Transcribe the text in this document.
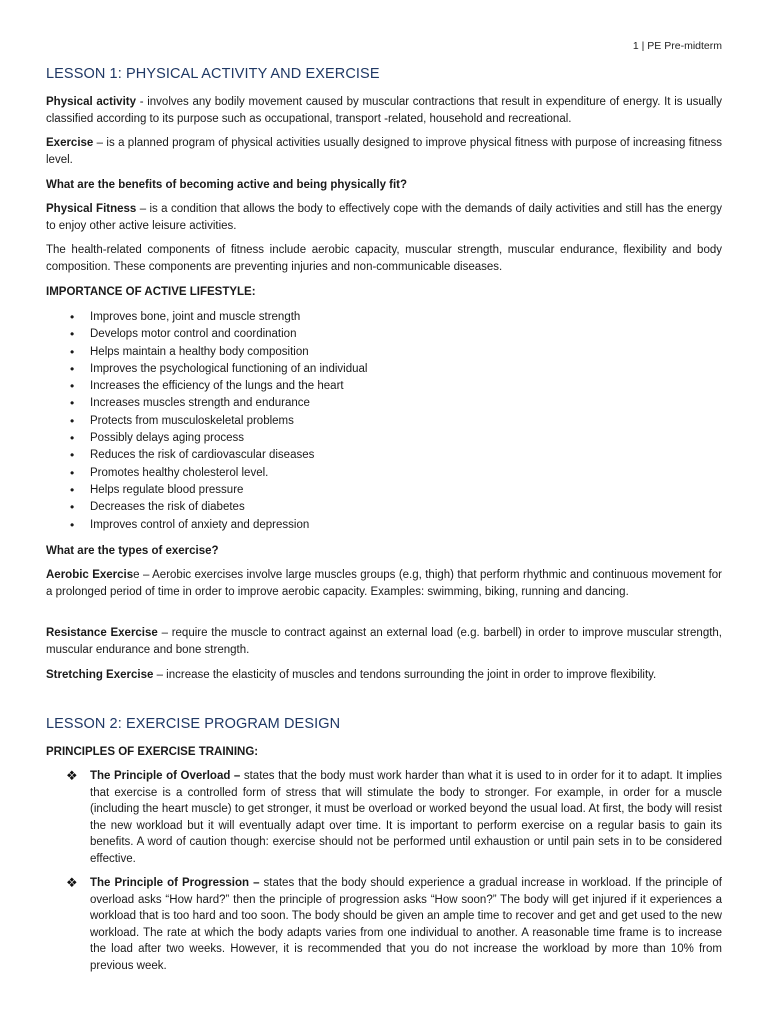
1 | PE Pre-midterm
LESSON 1: PHYSICAL ACTIVITY AND EXERCISE

Physical activity - involves any bodily movement caused by muscular contractions that result in expenditure of energy. It is usually classified according to its purpose such as occupational, transport -related, household and recreational.

Exercise – is a planned program of physical activities usually designed to improve physical fitness with purpose of increasing fitness level.

What are the benefits of becoming active and being physically fit?

Physical Fitness – is a condition that allows the body to effectively cope with the demands of daily activities and still has the energy to enjoy other active leisure activities.

The health-related components of fitness include aerobic capacity, muscular strength, muscular endurance, flexibility and body composition. These components are preventing injuries and non-communicable diseases.

IMPORTANCE OF ACTIVE LIFESTYLE:
• Improves bone, joint and muscle strength
• Develops motor control and coordination
• Helps maintain a healthy body composition
• Improves the psychological functioning of an individual
• Increases the efficiency of the lungs and the heart
• Increases muscles strength and endurance
• Protects from musculoskeletal problems
• Possibly delays aging process
• Reduces the risk of cardiovascular diseases
• Promotes healthy cholesterol level.
• Helps regulate blood pressure
• Decreases the risk of diabetes
• Improves control of anxiety and depression
What are the types of exercise?

Aerobic Exercise – Aerobic exercises involve large muscles groups (e.g, thigh) that perform rhythmic and continuous movement for a prolonged period of time in order to improve aerobic capacity. Examples: swimming, biking, running and dancing.

Resistance Exercise – require the muscle to contract against an external load (e.g. barbell) in order to improve muscular strength, muscular endurance and bone strength.

Stretching Exercise – increase the elasticity of muscles and tendons surrounding the joint in order to improve flexibility.

LESSON 2: EXERCISE PROGRAM DESIGN
PRINCIPLES OF EXERCISE TRAINING:
❖ The Principle of Overload – states that the body must work harder than what it is used to in order for it to adapt. It implies that exercise is a controlled form of stress that will stimulate the body to stronger. For example, in order for a muscle (including the heart muscle) to get stronger, it must be overload or worked beyond the usual load. At first, the body will resist the new workload but it will eventually adapt over time. It is important to perform exercise on a regular basis to gain its benefits. A word of caution though: exercise should not be performed until exhaustion or until pain sets in to be considered effective.
❖ The Principle of Progression – states that the body should experience a gradual increase in workload. If the principle of overload asks “How hard?” then the principle of progression asks “How soon?” The body will get injured if it experiences a workload that is too hard and too soon. The body should be given an ample time to recover and get and get used to the new workload. The rate at which the body adapts varies from one individual to another. A reasonable time frame is to increase the load after two weeks. However, it is recommended that you do not increase the workload by more than 10% from previous week.
